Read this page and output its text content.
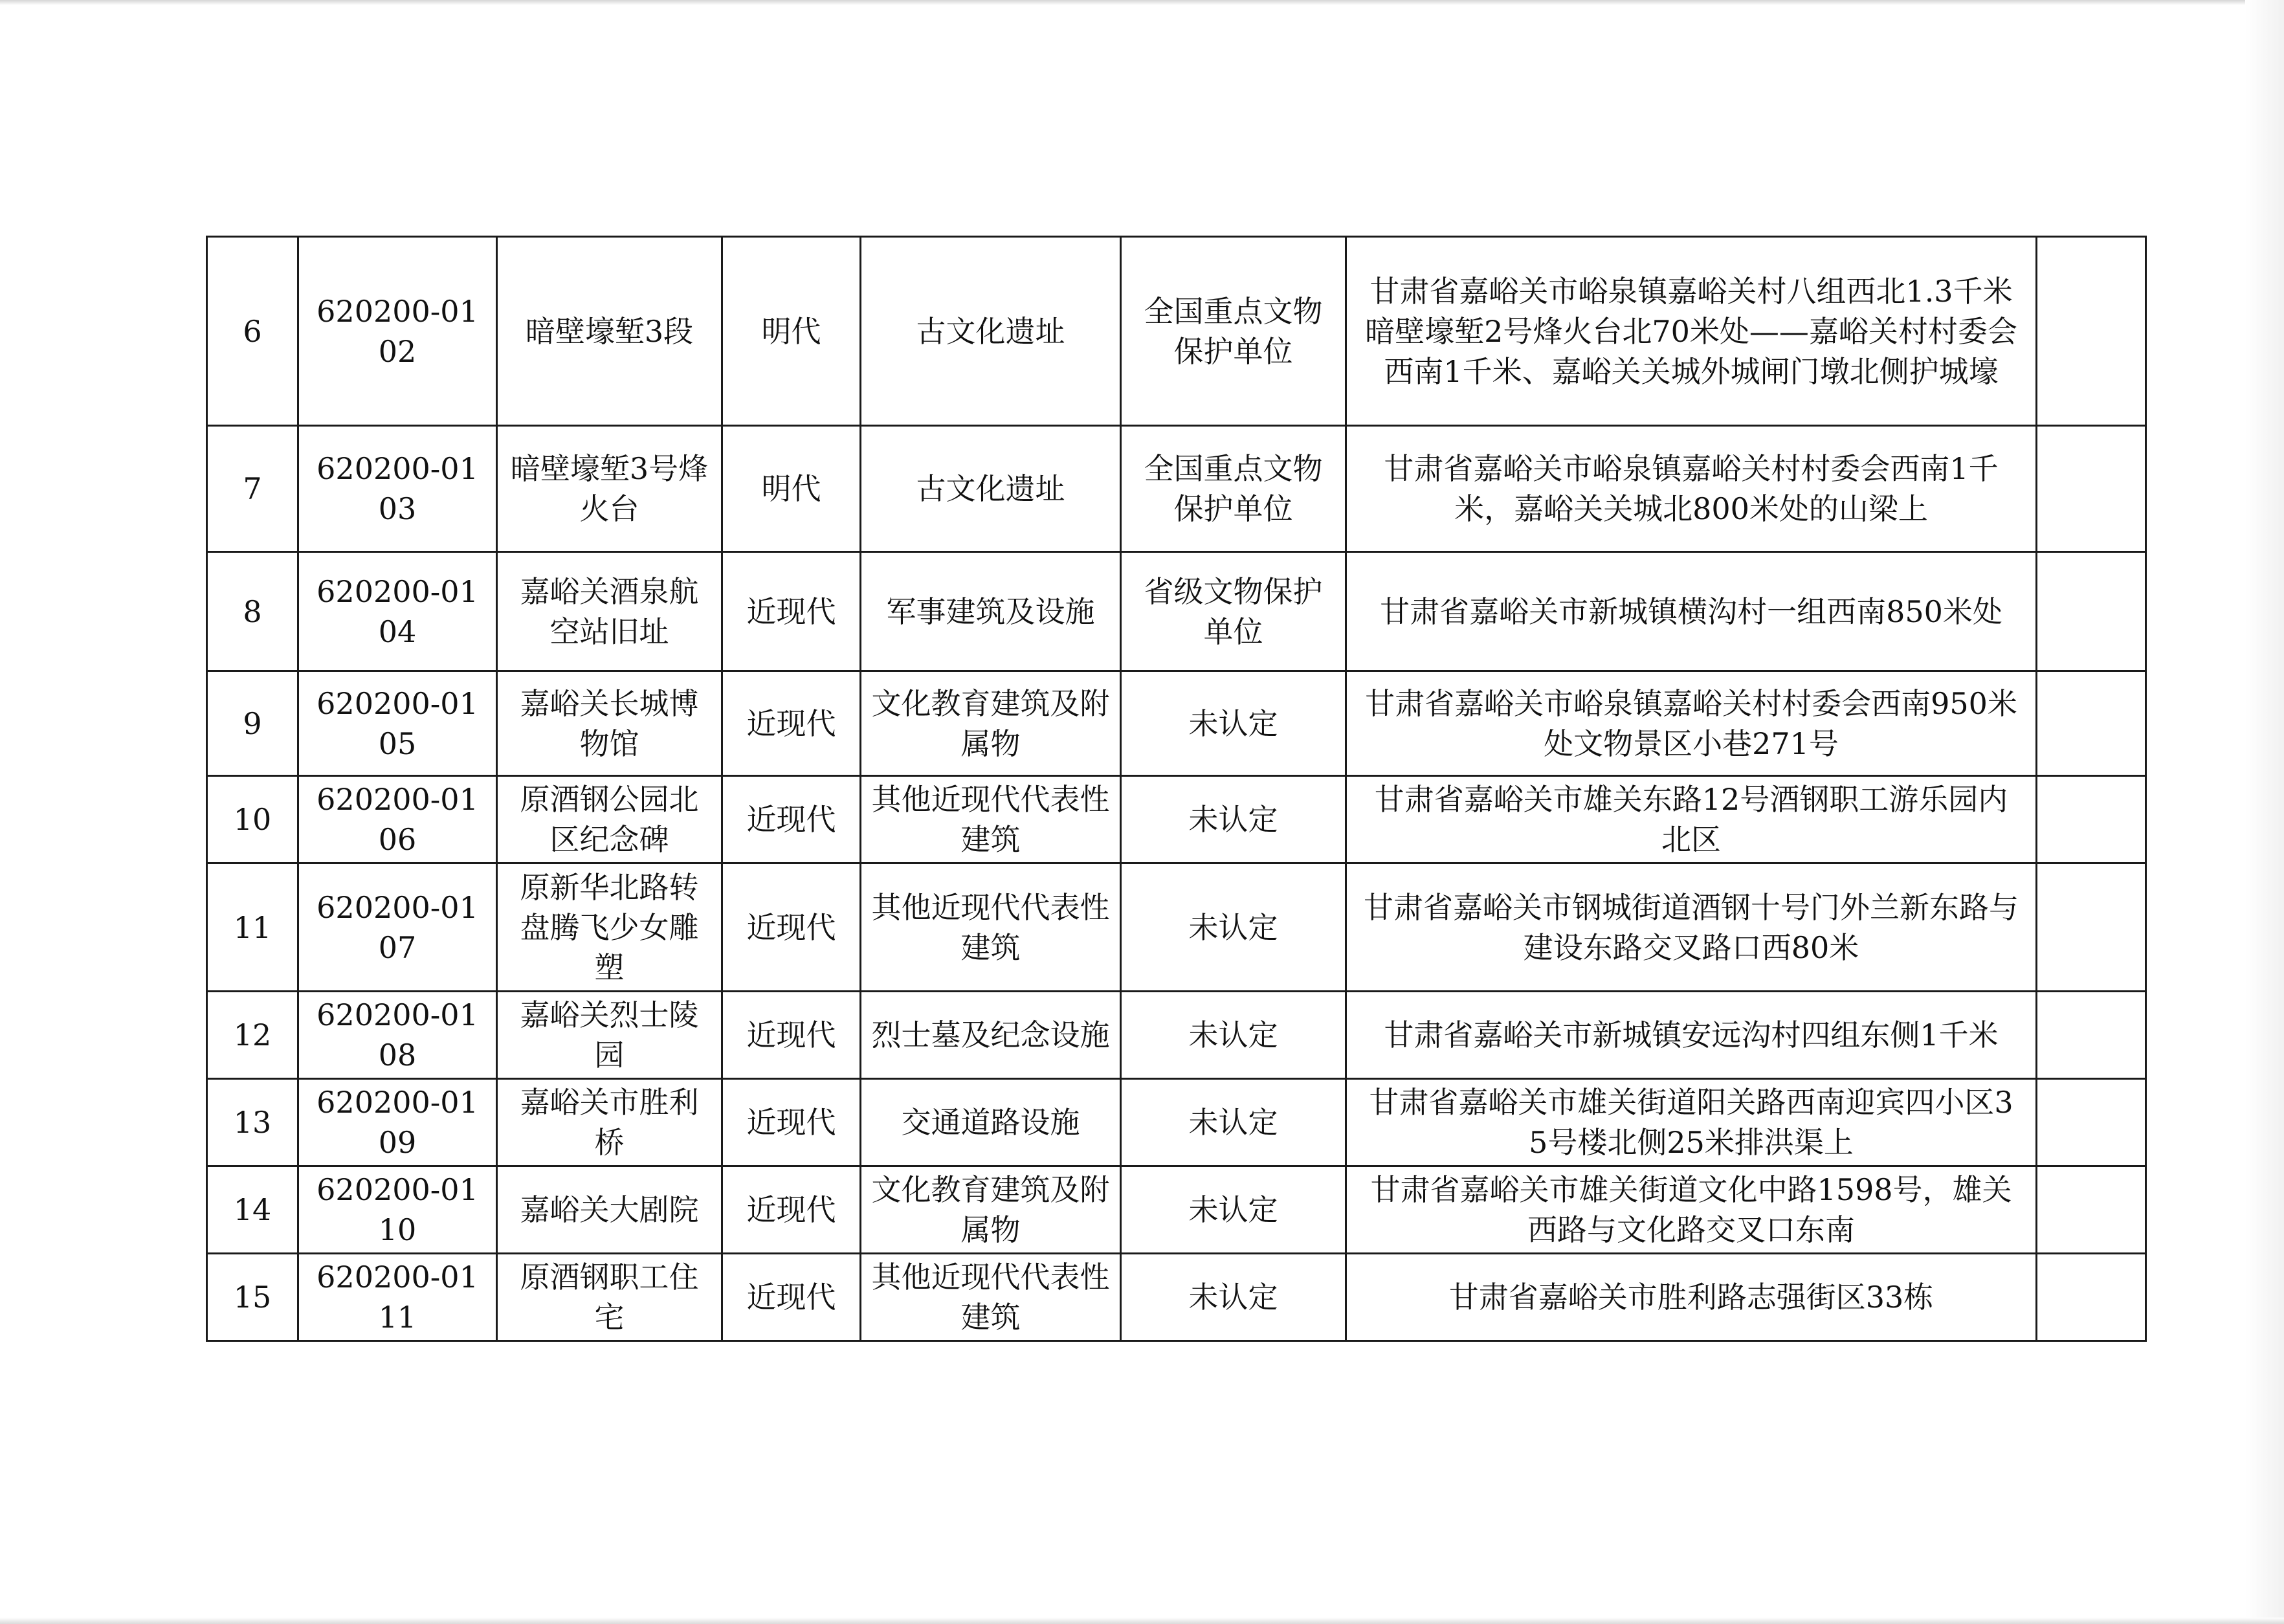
6	620200-0102	暗壁壕堑3段	明代	古文化遗址	全国重点文物保护单位	甘肃省嘉峪关市峪泉镇嘉峪关村八组西北1.3千米暗壁壕堑2号烽火台北70米处——嘉峪关村村委会西南1千米、嘉峪关关城外城闸门墩北侧护城壕	
7	620200-0103	暗壁壕堑3号烽火台	明代	古文化遗址	全国重点文物保护单位	甘肃省嘉峪关市峪泉镇嘉峪关村村委会西南1千米，嘉峪关关城北800米处的山梁上	
8	620200-0104	嘉峪关酒泉航空站旧址	近现代	军事建筑及设施	省级文物保护单位	甘肃省嘉峪关市新城镇横沟村一组西南850米处	
9	620200-0105	嘉峪关长城博物馆	近现代	文化教育建筑及附属物	未认定	甘肃省嘉峪关市峪泉镇嘉峪关村村委会西南950米处文物景区小巷271号	
10	620200-0106	原酒钢公园北区纪念碑	近现代	其他近现代代表性建筑	未认定	甘肃省嘉峪关市雄关东路12号酒钢职工游乐园内北区	
11	620200-0107	原新华北路转盘腾飞少女雕塑	近现代	其他近现代代表性建筑	未认定	甘肃省嘉峪关市钢城街道酒钢十号门外兰新东路与建设东路交叉路口西80米	
12	620200-0108	嘉峪关烈士陵园	近现代	烈士墓及纪念设施	未认定	甘肃省嘉峪关市新城镇安远沟村四组东侧1千米	
13	620200-0109	嘉峪关市胜利桥	近现代	交通道路设施	未认定	甘肃省嘉峪关市雄关街道阳关路西南迎宾四小区35号楼北侧25米排洪渠上	
14	620200-0110	嘉峪关大剧院	近现代	文化教育建筑及附属物	未认定	甘肃省嘉峪关市雄关街道文化中路1598号，雄关西路与文化路交叉口东南	
15	620200-0111	原酒钢职工住宅	近现代	其他近现代代表性建筑	未认定	甘肃省嘉峪关市胜利路志强街区33栋	
